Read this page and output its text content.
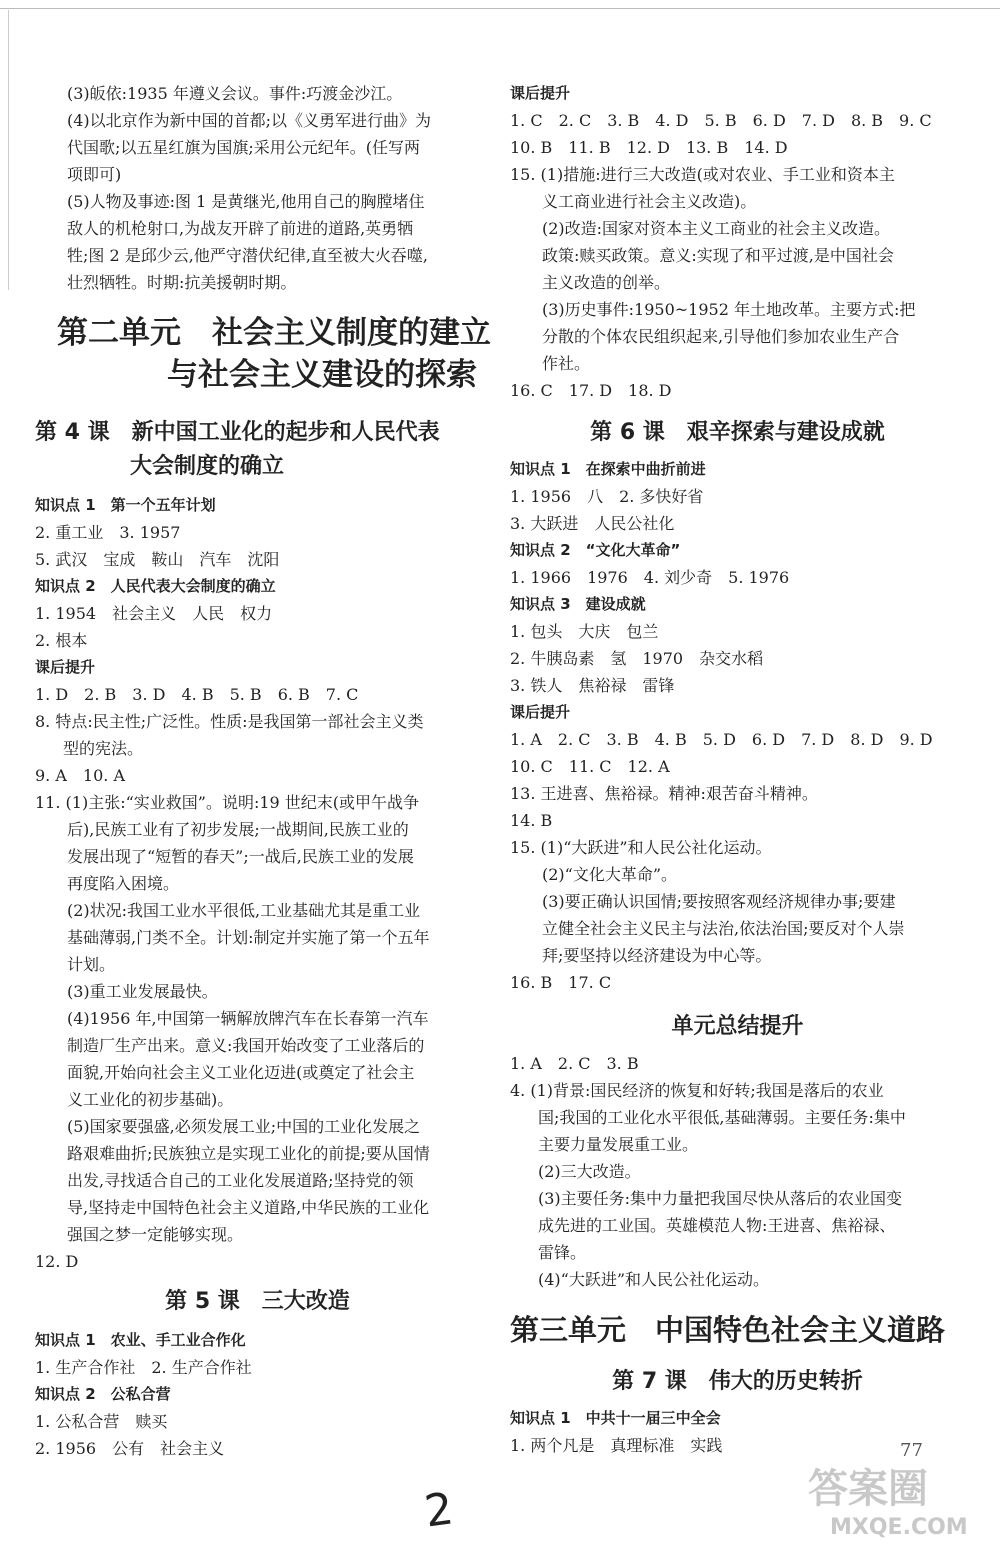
(3)皈依:1935 年遵义会议。事件:巧渡金沙江。

(4)以北京作为新中国的首都;以《义勇军进行曲》为

代国歌;以五星红旗为国旗;采用公元纪年。(任写两

项即可)

(5)人物及事迹:图 1 是黄继光,他用自己的胸膛堵住

敌人的机枪射口,为战友开辟了前进的道路,英勇牺

牲;图 2 是邱少云,他严守潜伏纪律,直至被大火吞噬,

壮烈牺牲。时期:抗美援朝时期。

第二单元　社会主义制度的建立

与社会主义建设的探索

第 4 课　新中国工业化的起步和人民代表

大会制度的确立

知识点 1　第一个五年计划

2. 重工业　3. 1957

5. 武汉　宝成　鞍山　汽车　沈阳

知识点 2　人民代表大会制度的确立

1. 1954　社会主义　人民　权力

2. 根本

课后提升

1. D　2. B　3. D　4. B　5. B　6. B　7. C

8. 特点:民主性;广泛性。性质:是我国第一部社会主义类

型的宪法。

9. A　10. A

11. (1)主张:“实业救国”。说明:19 世纪末(或甲午战争

后),民族工业有了初步发展;一战期间,民族工业的

发展出现了“短暂的春天”;一战后,民族工业的发展

再度陷入困境。

(2)状况:我国工业水平很低,工业基础尤其是重工业

基础薄弱,门类不全。计划:制定并实施了第一个五年

计划。

(3)重工业发展最快。

(4)1956 年,中国第一辆解放牌汽车在长春第一汽车

制造厂生产出来。意义:我国开始改变了工业落后的

面貌,开始向社会主义工业化迈进(或奠定了社会主

义工业化的初步基础)。

(5)国家要强盛,必须发展工业;中国的工业化发展之

路艰难曲折;民族独立是实现工业化的前提;要从国情

出发,寻找适合自己的工业化发展道路;坚持党的领

导,坚持走中国特色社会主义道路,中华民族的工业化

强国之梦一定能够实现。

12. D

第 5 课　三大改造

知识点 1　农业、手工业合作化

1. 生产合作社　2. 生产合作社

知识点 2　公私合营

1. 公私合营　赎买

2. 1956　公有　社会主义

课后提升

1. C　2. C　3. B　4. D　5. B　6. D　7. D　8. B　9. C

10. B　11. B　12. D　13. B　14. D

15. (1)措施:进行三大改造(或对农业、手工业和资本主

义工商业进行社会主义改造)。

(2)改造:国家对资本主义工商业的社会主义改造。

政策:赎买政策。意义:实现了和平过渡,是中国社会

主义改造的创举。

(3)历史事件:1950~1952 年土地改革。主要方式:把

分散的个体农民组织起来,引导他们参加农业生产合

作社。

16. C　17. D　18. D

第 6 课　艰辛探索与建设成就

知识点 1　在探索中曲折前进

1. 1956　八　2. 多快好省

3. 大跃进　人民公社化

知识点 2　“文化大革命”

1. 1966　1976　4. 刘少奇　5. 1976

知识点 3　建设成就

1. 包头　大庆　包兰

2. 牛胰岛素　氢　1970　杂交水稻

3. 铁人　焦裕禄　雷锋

课后提升

1. A　2. C　3. B　4. B　5. D　6. D　7. D　8. D　9. D

10. C　11. C　12. A

13. 王进喜、焦裕禄。精神:艰苦奋斗精神。

14. B

15. (1)“大跃进”和人民公社化运动。

(2)“文化大革命”。

(3)要正确认识国情;要按照客观经济规律办事;要建

立健全社会主义民主与法治,依法治国;要反对个人崇

拜;要坚持以经济建设为中心等。

16. B　17. C

单元总结提升

1. A　2. C　3. B

4. (1)背景:国民经济的恢复和好转;我国是落后的农业

国;我国的工业化水平很低,基础薄弱。主要任务:集中

主要力量发展重工业。

(2)三大改造。

(3)主要任务:集中力量把我国尽快从落后的农业国变

成先进的工业国。英雄模范人物:王进喜、焦裕禄、

雷锋。

(4)“大跃进”和人民公社化运动。

第三单元　中国特色社会主义道路

第 7 课　伟大的历史转折

知识点 1　中共十一届三中全会

1. 两个凡是　真理标准　实践	77
2	答案圈
MXQE.COM
